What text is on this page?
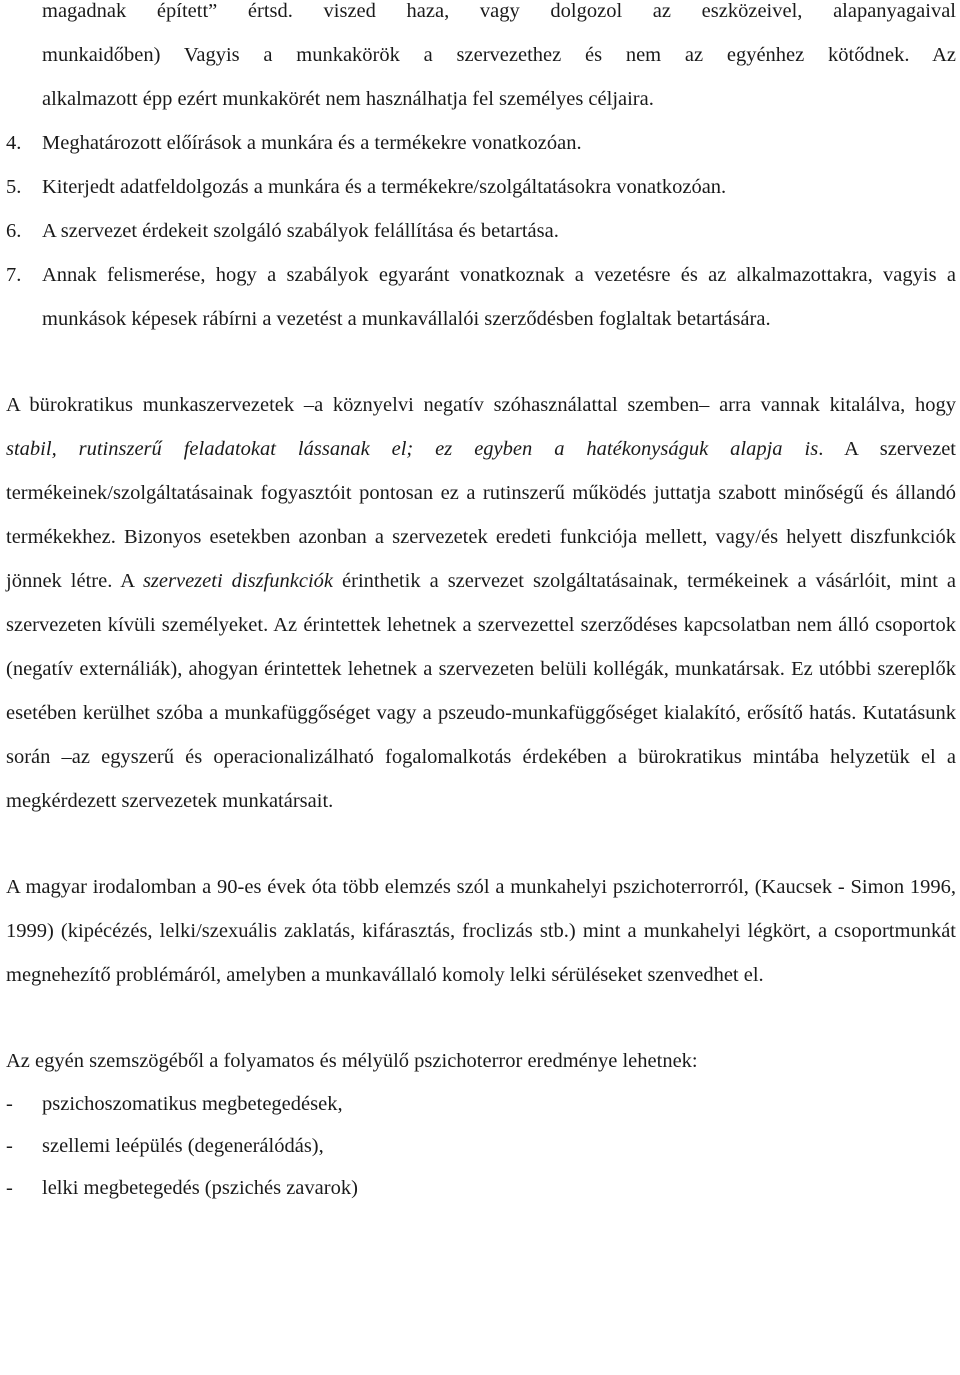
magadnak épített” értsd. viszed haza, vagy dolgozol az eszközeivel, alapanyagaival
munkaidőben) Vagyis a munkakörök a szervezethez és nem az egyénhez kötődnek. Az
alkalmazott épp ezért munkakörét nem használhatja fel személyes céljaira.

4. Meghatározott előírások a munkára és a termékekre vonatkozóan.

5. Kiterjedt adatfeldolgozás a munkára és a termékekre/szolgáltatásokra vonatkozóan.

6. A szervezet érdekeit szolgáló szabályok felállítása és betartása.

7. Annak felismerése, hogy a szabályok egyaránt vonatkoznak a vezetésre és az alkalmazottakra, vagyis a munkások képesek rábírni a vezetést a munkavállalói szerződésben foglaltak betartására.

A bürokratikus munkaszervezetek –a köznyelvi negatív szóhasználattal szemben– arra vannak kitalálva, hogy stabil, rutinszerű feladatokat lássanak el; ez egyben a hatékonyságuk alapja is. A szervezet termékeinek/szolgáltatásainak fogyasztóit pontosan ez a rutinszerű működés juttatja szabott minőségű és állandó termékekhez. Bizonyos esetekben azonban a szervezetek eredeti funkciója mellett, vagy/és helyett diszfunkciók jönnek létre. A szervezeti diszfunkciók érinthetik a szervezet szolgáltatásainak, termékeinek a vásárlóit, mint a szervezeten kívüli személyeket. Az érintettek lehetnek a szervezettel szerződéses kapcsolatban nem álló csoportok (negatív externáliák), ahogyan érintettek lehetnek a szervezeten belüli kollégák, munkatársak. Ez utóbbi szereplők esetében kerülhet szóba a munkafüggőséget vagy a pszeudo-munkafüggőséget kialakító, erősítő hatás. Kutatásunk során –az egyszerű és operacionalizálható fogalomalkotás érdekében a bürokratikus mintába helyzetük el a megkérdezett szervezetek munkatársait.

A magyar irodalomban a 90-es évek óta több elemzés szól a munkahelyi pszichoterrorról, (Kaucsek - Simon 1996, 1999) (kipécézés, lelki/szexuális zaklatás, kifárasztás, froclizás stb.) mint a munkahelyi légkört, a csoportmunkát megnehezítő problémáról, amelyben a munkavállaló komoly lelki sérüléseket szenvedhet el.

Az egyén szemszögéből a folyamatos és mélyülő pszichoterror eredménye lehetnek:

- pszichoszomatikus megbetegedések,

- szellemi leépülés (degenerálódás),

- lelki megbetegedés (pszichés zavarok)
